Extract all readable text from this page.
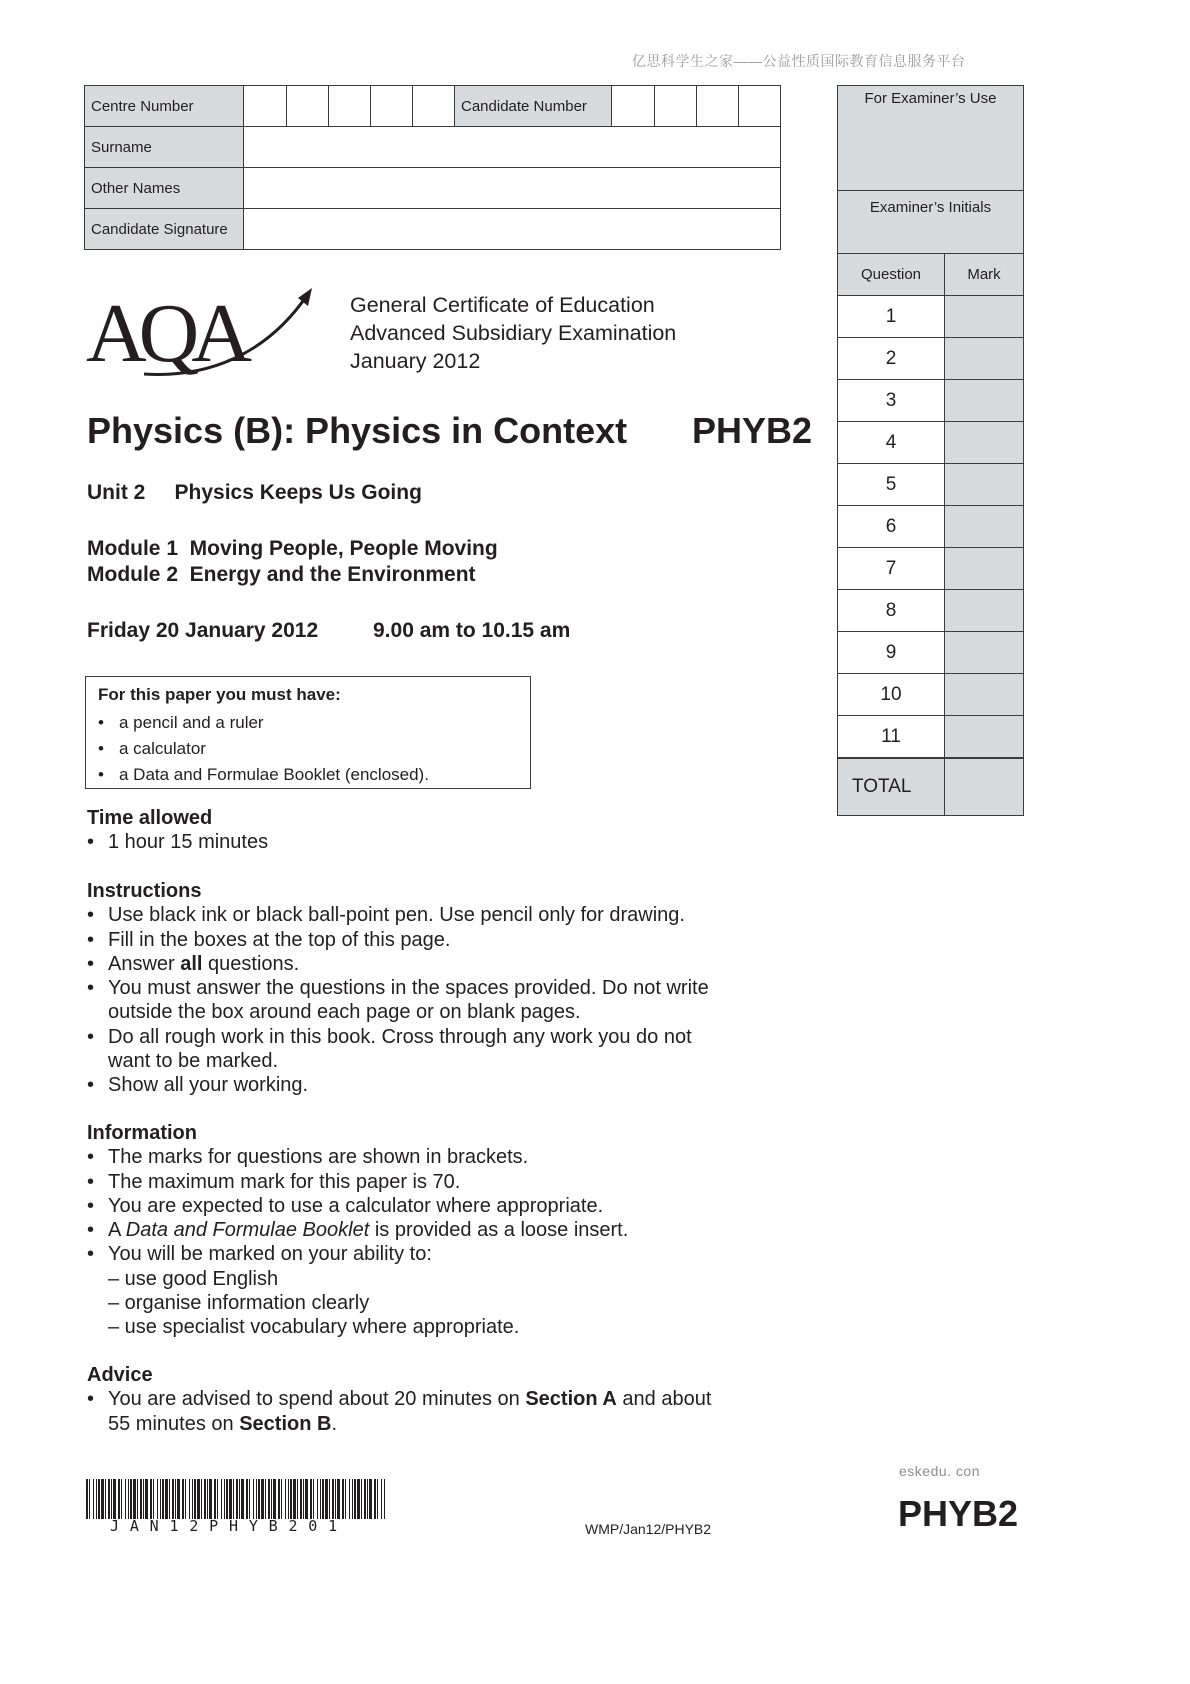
亿思科学生之家——公益性质国际教育信息服务平台
Centre Number						Candidate Number				
Surname										
Other Names										
Candidate Signature										
For Examiner’s Use
Examiner’s Initials
Question	Mark
1	
2	
3	
4	
5	
6	
7	
8	
9	
10	
11	
TOTAL	
AQA	General Certificate of Education
Advanced Subsidiary Examination
January 2012
Physics (B): Physics in Context PHYB2
Unit 2     Physics Keeps Us Going
Module 1  Moving People, People Moving
Module 2  Energy and the Environment
Friday 20 January 2012	9.00 am to 10.15 am
For this paper you must have:
• a pencil and a ruler
• a calculator
• a Data and Formulae Booklet (enclosed).
Time allowed
• 1 hour 15 minutes
Instructions
• Use black ink or black ball-point pen. Use pencil only for drawing.
• Fill in the boxes at the top of this page.
• Answer all questions.
• You must answer the questions in the spaces provided. Do not write
outside the box around each page or on blank pages.
• Do all rough work in this book. Cross through any work you do not
want to be marked.
• Show all your working.
Information
• The marks for questions are shown in brackets.
• The maximum mark for this paper is 70.
• You are expected to use a calculator where appropriate.
• A Data and Formulae Booklet is provided as a loose insert.
• You will be marked on your ability to:
– use good English
– organise information clearly
– use specialist vocabulary where appropriate.
Advice
• You are advised to spend about 20 minutes on Section A and about
55 minutes on Section B.
JAN12PHYB201	WMP/Jan12/PHYB2
eskedu. con
PHYB2
